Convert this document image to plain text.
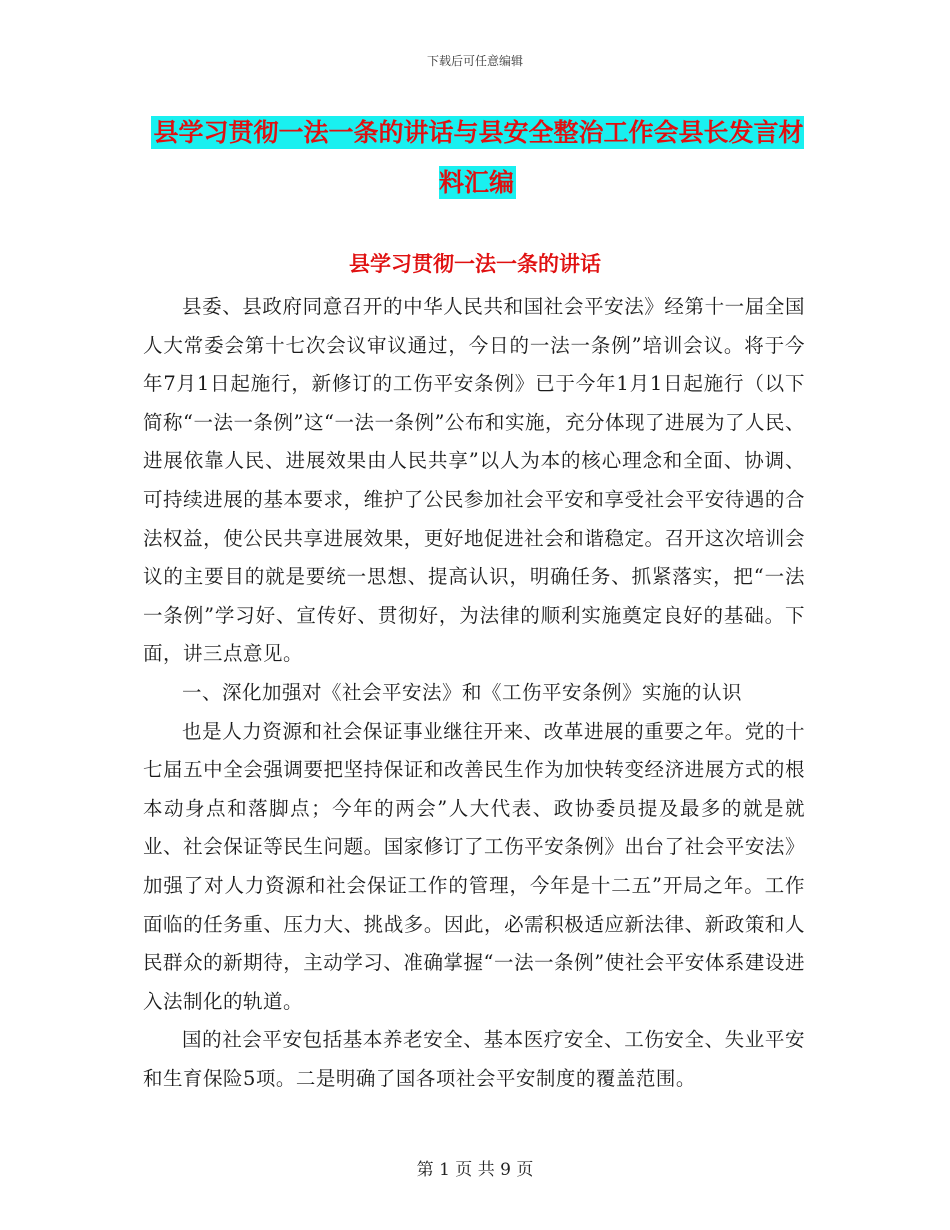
下载后可任意编辑
县学习贯彻一法一条的讲话与县安全整治工作会县长发言材料汇编
县学习贯彻一法一条的讲话

县委、县政府同意召开的中华人民共和国社会平安法》经第十一届全国人大常委会第十七次会议审议通过，今日的一法一条例”培训会议。将于今年7月1日起施行，新修订的工伤平安条例》已于今年1月1日起施行（以下简称“一法一条例”这“一法一条例”公布和实施，充分体现了进展为了人民、进展依靠人民、进展效果由人民共享”以人为本的核心理念和全面、协调、可持续进展的基本要求，维护了公民参加社会平安和享受社会平安待遇的合法权益，使公民共享进展效果，更好地促进社会和谐稳定。召开这次培训会议的主要目的就是要统一思想、提高认识，明确任务、抓紧落实，把“一法一条例”学习好、宣传好、贯彻好，为法律的顺利实施奠定良好的基础。下面，讲三点意见。

一、深化加强对《社会平安法》和《工伤平安条例》实施的认识

也是人力资源和社会保证事业继往开来、改革进展的重要之年。党的十七届五中全会强调要把坚持保证和改善民生作为加快转变经济进展方式的根本动身点和落脚点；今年的两会”人大代表、政协委员提及最多的就是就业、社会保证等民生问题。国家修订了工伤平安条例》出台了社会平安法》加强了对人力资源和社会保证工作的管理，今年是十二五”开局之年。工作面临的任务重、压力大、挑战多。因此，必需积极适应新法律、新政策和人民群众的新期待，主动学习、准确掌握“一法一条例”使社会平安体系建设进入法制化的轨道。

国的社会平安包括基本养老安全、基本医疗安全、工伤安全、失业平安和生育保险5项。二是明确了国各项社会平安制度的覆盖范围。

第 1 页 共 9 页
